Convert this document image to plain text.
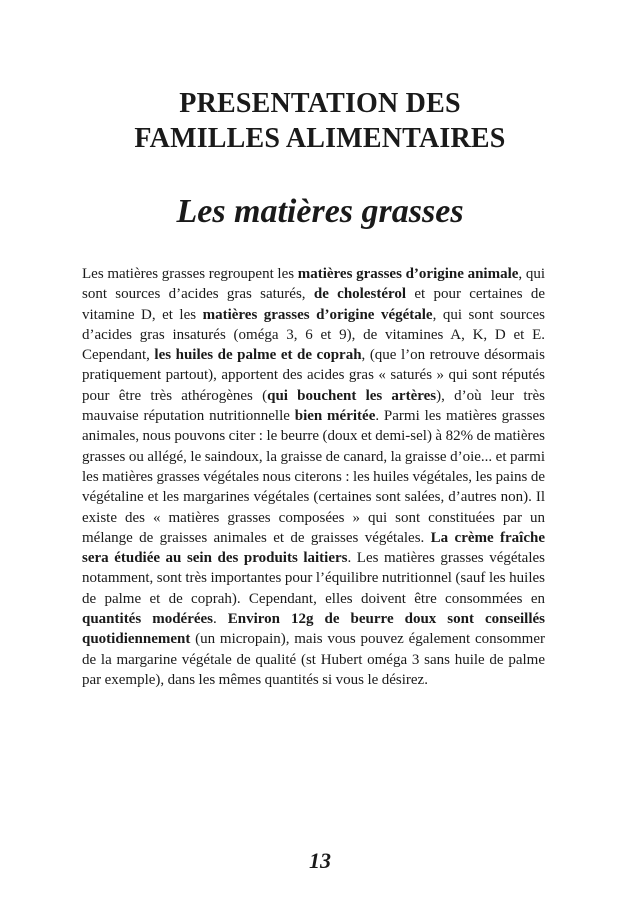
PRESENTATION DES
FAMILLES ALIMENTAIRES
Les matières grasses

Les matières grasses regroupent les matières grasses d’origine animale, qui sont sources d’acides gras saturés, de cholestérol et pour certaines de vitamine D, et les matières grasses d’origine végétale, qui sont sources d’acides gras insaturés (oméga 3, 6 et 9), de vitamines A, K, D et E. Cependant, les huiles de palme et de coprah, (que l’on retrouve désormais pratiquement partout), apportent des acides gras « saturés » qui sont réputés pour être très athérogènes (qui bouchent les artères), d’où leur très mauvaise réputation nutritionnelle bien méritée. Parmi les matières grasses animales, nous pouvons citer : le beurre (doux et demi-sel) à 82% de matières grasses ou allégé, le saindoux, la graisse de canard, la graisse d’oie... et parmi les matières grasses végétales nous citerons : les huiles végétales, les pains de végétaline et les margarines végétales (certaines sont salées, d’autres non). Il existe des « matières grasses composées » qui sont constituées par un mélange de graisses animales et de graisses végétales. La crème fraîche sera étudiée au sein des produits laitiers. Les matières grasses végétales notamment, sont très importantes pour l’équilibre nutritionnel (sauf les huiles de palme et de coprah). Cependant, elles doivent être consommées en quantités modérées. Environ 12g de beurre doux sont conseillés quotidiennement (un micropain), mais vous pouvez également consommer de la margarine végétale de qualité (st Hubert oméga 3 sans huile de palme par exemple), dans les mêmes quantités si vous le désirez.

13
